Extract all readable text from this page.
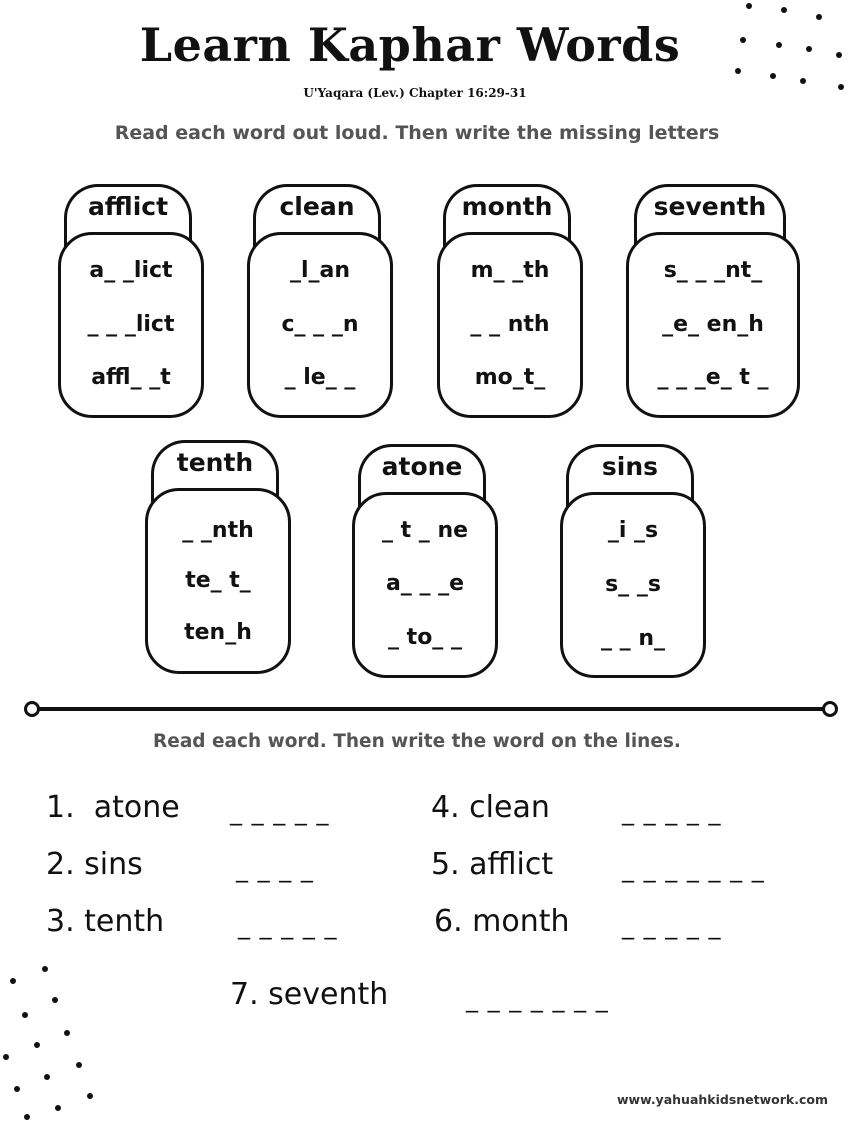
Learn Kaphar Words
U'Yaqara (Lev.) Chapter 16:29-31
Read each word out loud. Then write the missing letters
afflict
a_ _lict
_ _ _lict
affl_ _t
clean
_l_an
c_ _ _n
_ le_ _
month
m_ _th
_ _ nth
mo_t_
seventh
s_ _ _nt_
_e_ en_h
_ _ _e_ t _
tenth
_ _nth
te_ t_
ten_h
atone
_ t _ ne
a_ _ _e
_ to_ _
sins
_i _s
s_ _s
_ _ n_
Read each word. Then write the word on the lines.
1.  atone _ _ _ _ _
2. sins	_ _ _ _
3. tenth	_ _ _ _ _
4. clean	_ _ _ _ _
5. afflict	_ _ _ _ _ _ _
6. month _ _ _ _ _
7. seventh	_ _ _ _ _ _ _
www.yahuahkidsnetwork.com
